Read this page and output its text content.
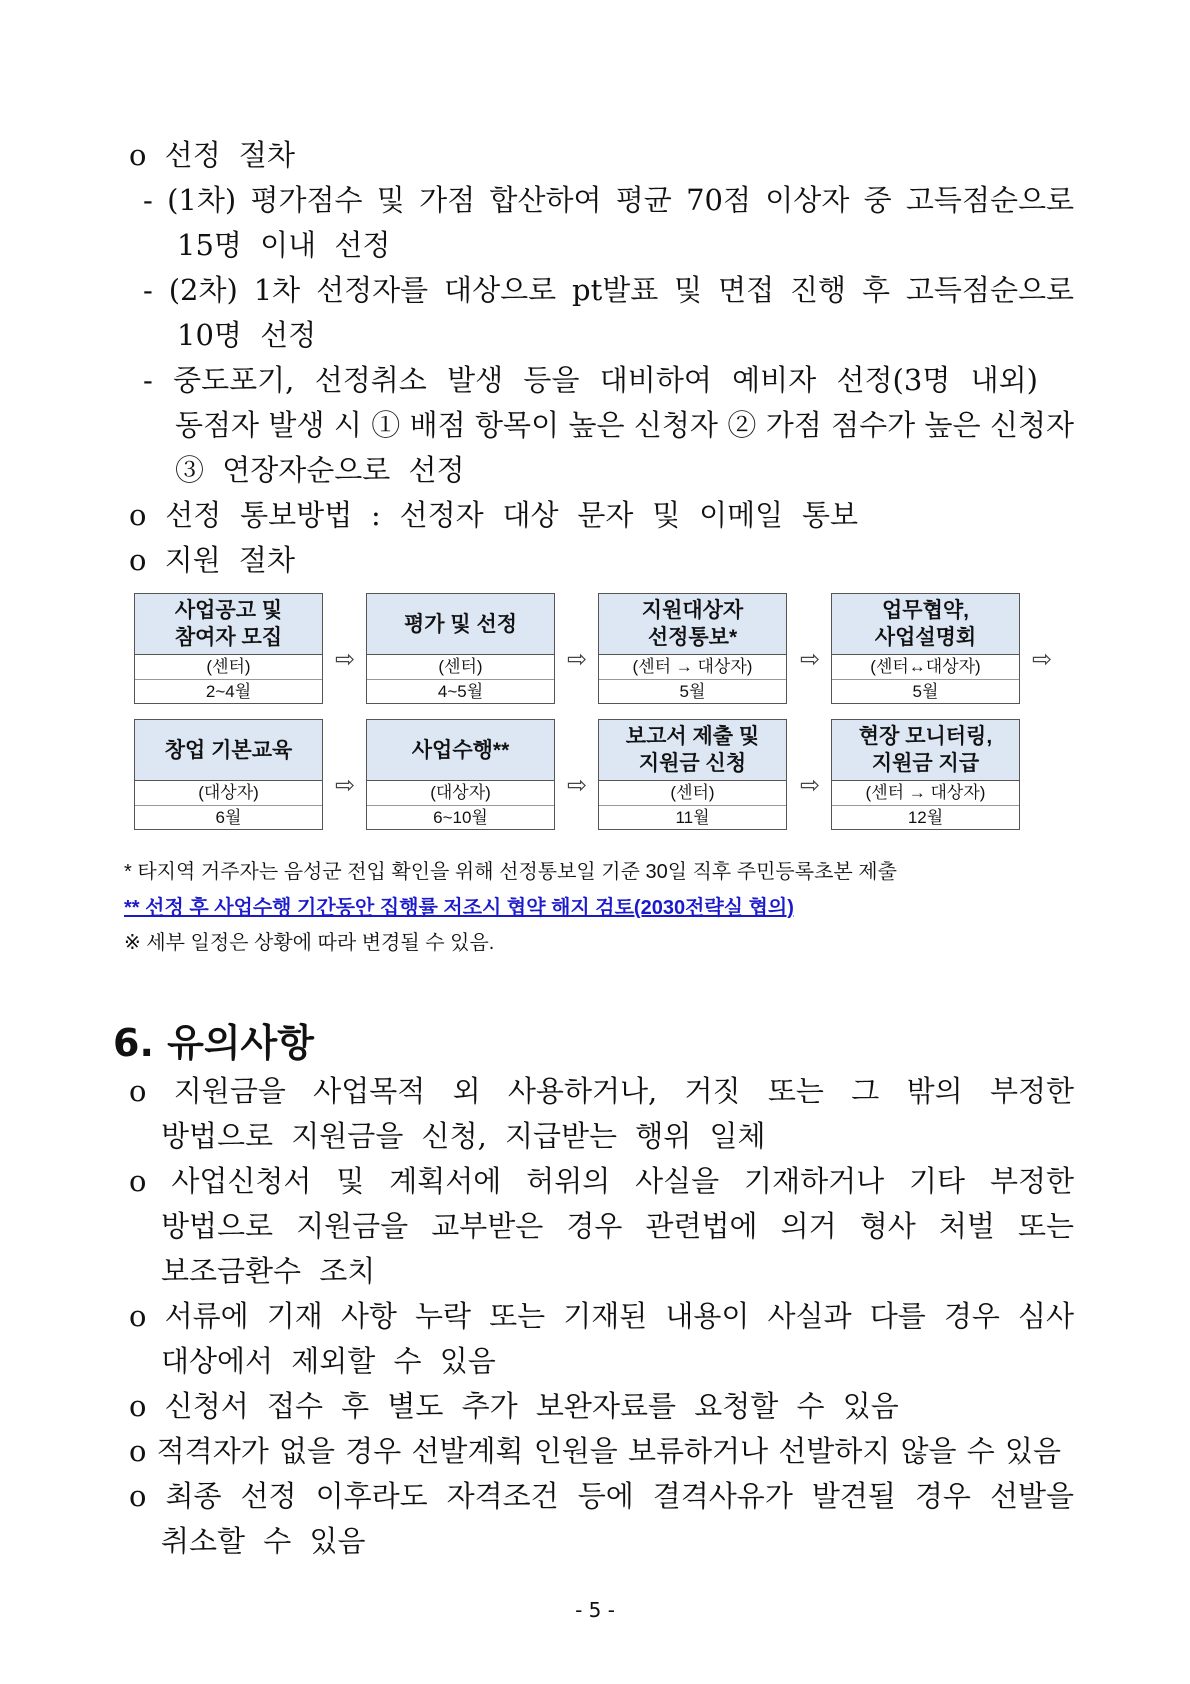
o 선정 절차
- (1차) 평가점수 및 가점 합산하여 평균 70점 이상자 중 고득점순으로
15명 이내 선정
- (2차) 1차 선정자를 대상으로 pt발표 및 면접 진행 후 고득점순으로
10명 선정
- 중도포기, 선정취소 발생 등을 대비하여 예비자 선정(3명 내외)
동점자 발생 시 ① 배점 항목이 높은 신청자 ② 가점 점수가 높은 신청자
③ 연장자순으로 선정
o 선정 통보방법 : 선정자 대상 문자 및 이메일 통보
o 지원 절차
사업공고 및
참여자 모집
(센터)
2~4월
평가 및 선정
(센터)
4~5월
지원대상자
선정통보*
(센터 → 대상자)
5월
업무협약,
사업설명회
(센터↔대상자)
5월
창업 기본교육
(대상자)
6월
사업수행**
(대상자)
6~10월
보고서 제출 및
지원금 신청
(센터)
11월
현장 모니터링,
지원금 지급
(센터 → 대상자)
12월
⇨	⇨	⇨	⇨
⇨	⇨	⇨
* 타지역 거주자는 음성군 전입 확인을 위해 선정통보일 기준 30일 직후 주민등록초본 제출
** 선정 후 사업수행 기간동안 집행률 저조시 협약 해지 검토(2030전략실 협의)
※ 세부 일정은 상황에 따라 변경될 수 있음.
6. 유의사항
o 지원금을 사업목적 외 사용하거나, 거짓 또는 그 밖의 부정한
방법으로 지원금을 신청, 지급받는 행위 일체
o 사업신청서 및 계획서에 허위의 사실을 기재하거나 기타 부정한
방법으로 지원금을 교부받은 경우 관련법에 의거 형사 처벌 또는
보조금환수 조치
o 서류에 기재 사항 누락 또는 기재된 내용이 사실과 다를 경우 심사
대상에서 제외할 수 있음
o 신청서 접수 후 별도 추가 보완자료를 요청할 수 있음
o 적격자가 없을 경우 선발계획 인원을 보류하거나 선발하지 않을 수 있음
o 최종 선정 이후라도 자격조건 등에 결격사유가 발견될 경우 선발을
취소할 수 있음
- 5 -
